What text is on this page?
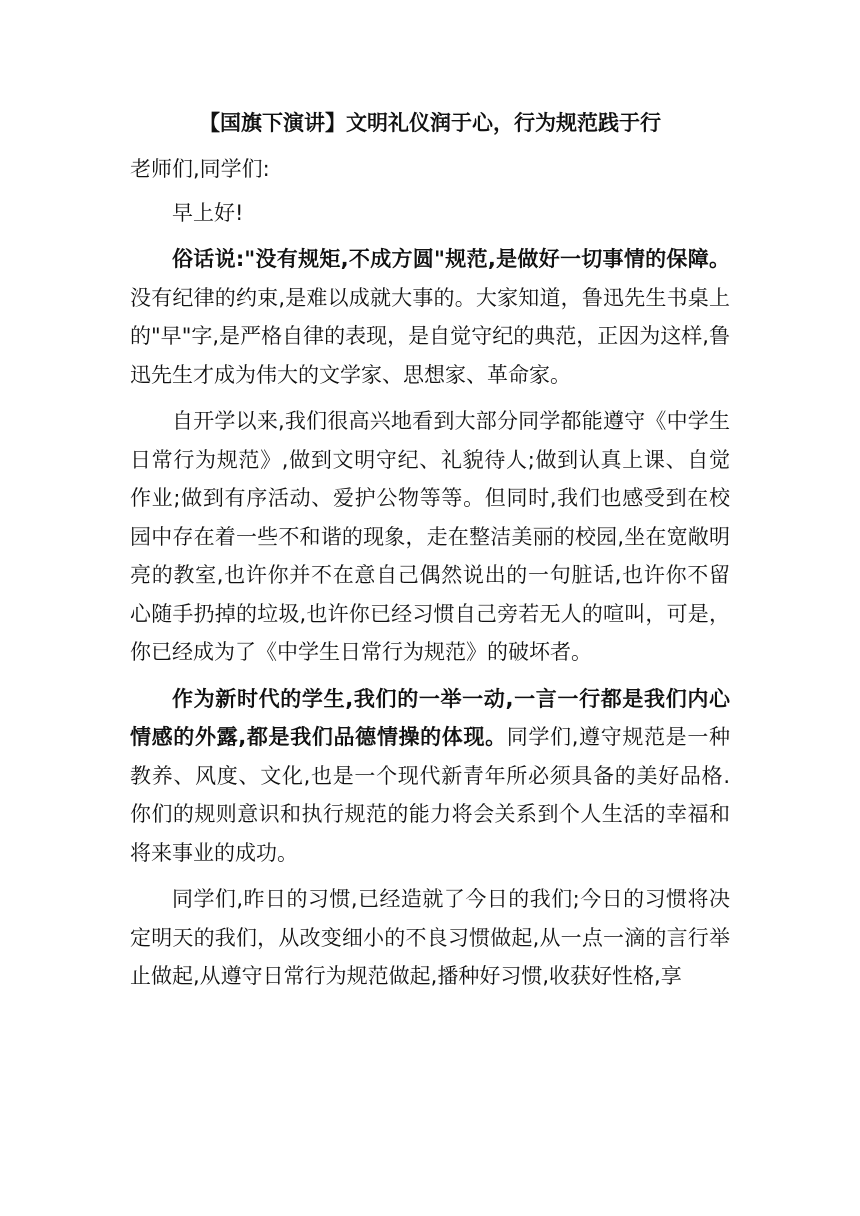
【国旗下演讲】文明礼仪润于心，行为规范践于行

老师们,同学们:

早上好!

俗话说:"没有规矩,不成方圆"规范,是做好一切事情的保障。没有纪律的约束,是难以成就大事的。大家知道，鲁迅先生书桌上的"早"字,是严格自律的表现，是自觉守纪的典范，正因为这样,鲁迅先生才成为伟大的文学家、思想家、革命家。

自开学以来,我们很高兴地看到大部分同学都能遵守《中学生日常行为规范》,做到文明守纪、礼貌待人;做到认真上课、自觉作业;做到有序活动、爱护公物等等。但同时,我们也感受到在校园中存在着一些不和谐的现象，走在整洁美丽的校园,坐在宽敞明亮的教室,也许你并不在意自己偶然说出的一句脏话,也许你不留心随手扔掉的垃圾,也许你已经习惯自己旁若无人的喧叫，可是，你已经成为了《中学生日常行为规范》的破坏者。

作为新时代的学生,我们的一举一动,一言一行都是我们内心情感的外露,都是我们品德情操的体现。同学们,遵守规范是一种教养、风度、文化,也是一个现代新青年所必须具备的美好品格.你们的规则意识和执行规范的能力将会关系到个人生活的幸福和将来事业的成功。

同学们,昨日的习惯,已经造就了今日的我们;今日的习惯将决定明天的我们，从改变细小的不良习惯做起,从一点一滴的言行举止做起,从遵守日常行为规范做起,播种好习惯,收获好性格,享
